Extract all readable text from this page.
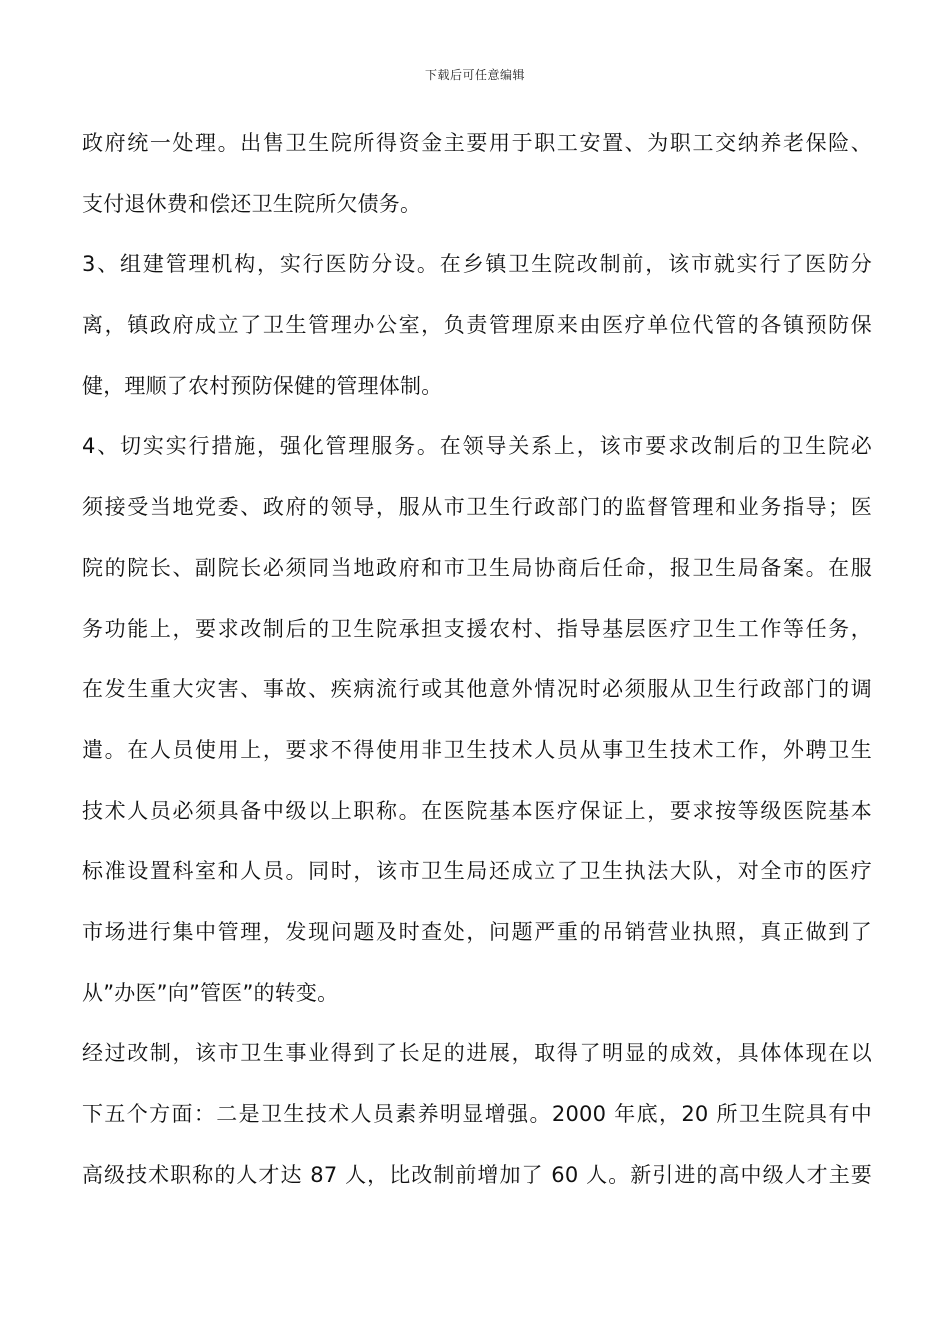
下载后可任意编辑
政府统一处理。出售卫生院所得资金主要用于职工安置、为职工交纳养老保险、
支付退休费和偿还卫生院所欠债务。
3、组建管理机构，实行医防分设。在乡镇卫生院改制前，该市就实行了医防分
离，镇政府成立了卫生管理办公室，负责管理原来由医疗单位代管的各镇预防保
健，理顺了农村预防保健的管理体制。
4、切实实行措施，强化管理服务。在领导关系上，该市要求改制后的卫生院必
须接受当地党委、政府的领导，服从市卫生行政部门的监督管理和业务指导；医
院的院长、副院长必须同当地政府和市卫生局协商后任命，报卫生局备案。在服
务功能上，要求改制后的卫生院承担支援农村、指导基层医疗卫生工作等任务，
在发生重大灾害、事故、疾病流行或其他意外情况时必须服从卫生行政部门的调
遣。在人员使用上，要求不得使用非卫生技术人员从事卫生技术工作，外聘卫生
技术人员必须具备中级以上职称。在医院基本医疗保证上，要求按等级医院基本
标准设置科室和人员。同时，该市卫生局还成立了卫生执法大队，对全市的医疗
市场进行集中管理，发现问题及时查处，问题严重的吊销营业执照，真正做到了
从”办医”向”管医”的转变。
经过改制，该市卫生事业得到了长足的进展，取得了明显的成效，具体体现在以
下五个方面：二是卫生技术人员素养明显增强。2000 年底，20 所卫生院具有中
高级技术职称的人才达 87 人，比改制前增加了 60 人。新引进的高中级人才主要
